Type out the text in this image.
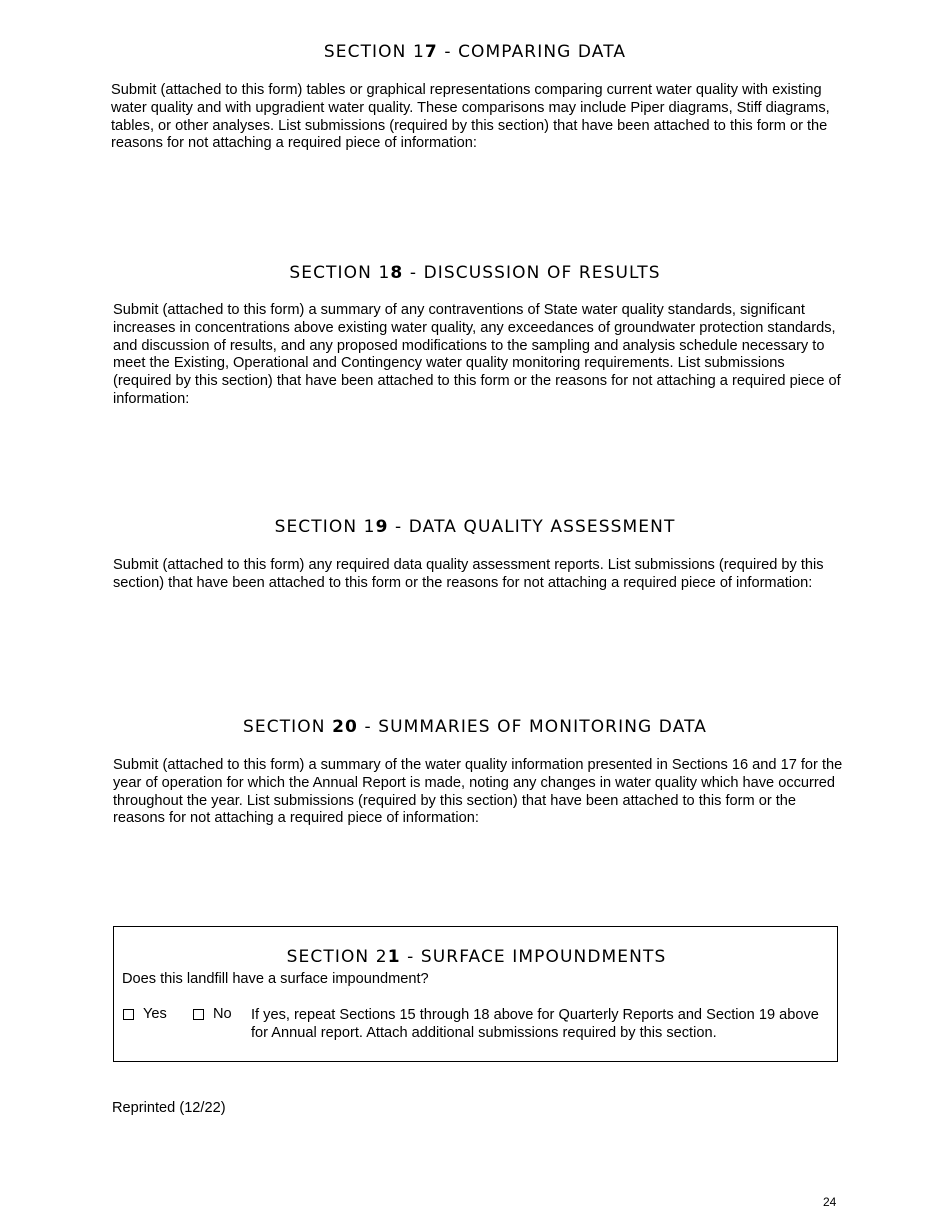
SECTION 17 - COMPARING DATA

Submit (attached to this form) tables or graphical representations comparing current water quality with existing water quality and with upgradient water quality. These comparisons may include Piper diagrams, Stiff diagrams, tables, or other analyses. List submissions (required by this section) that have been attached to this form or the reasons for not attaching a required piece of information:

SECTION 18 - DISCUSSION OF RESULTS

Submit (attached to this form) a summary of any contraventions of State water quality standards, significant increases in concentrations above existing water quality, any exceedances of groundwater protection standards, and discussion of results, and any proposed modifications to the sampling and analysis schedule necessary to meet the Existing, Operational and Contingency water quality monitoring requirements. List submissions (required by this section) that have been attached to this form or the reasons for not attaching a required piece of information:

SECTION 19 - DATA QUALITY ASSESSMENT

Submit (attached to this form) any required data quality assessment reports. List submissions (required by this section) that have been attached to this form or the reasons for not attaching a required piece of information:

SECTION 20 - SUMMARIES OF MONITORING DATA

Submit (attached to this form) a summary of the water quality information presented in Sections 16 and 17 for the year of operation for which the Annual Report is made, noting any changes in water quality which have occurred throughout the year. List submissions (required by this section) that have been attached to this form or the reasons for not attaching a required piece of information:

SECTION 21 - SURFACE IMPOUNDMENTS
Does this landfill have a surface impoundment?
Yes	No If yes, repeat Sections 15 through 18 above for Quarterly Reports and Section 19 above for Annual report. Attach additional submissions required by this section.
Reprinted (12/22)
24
